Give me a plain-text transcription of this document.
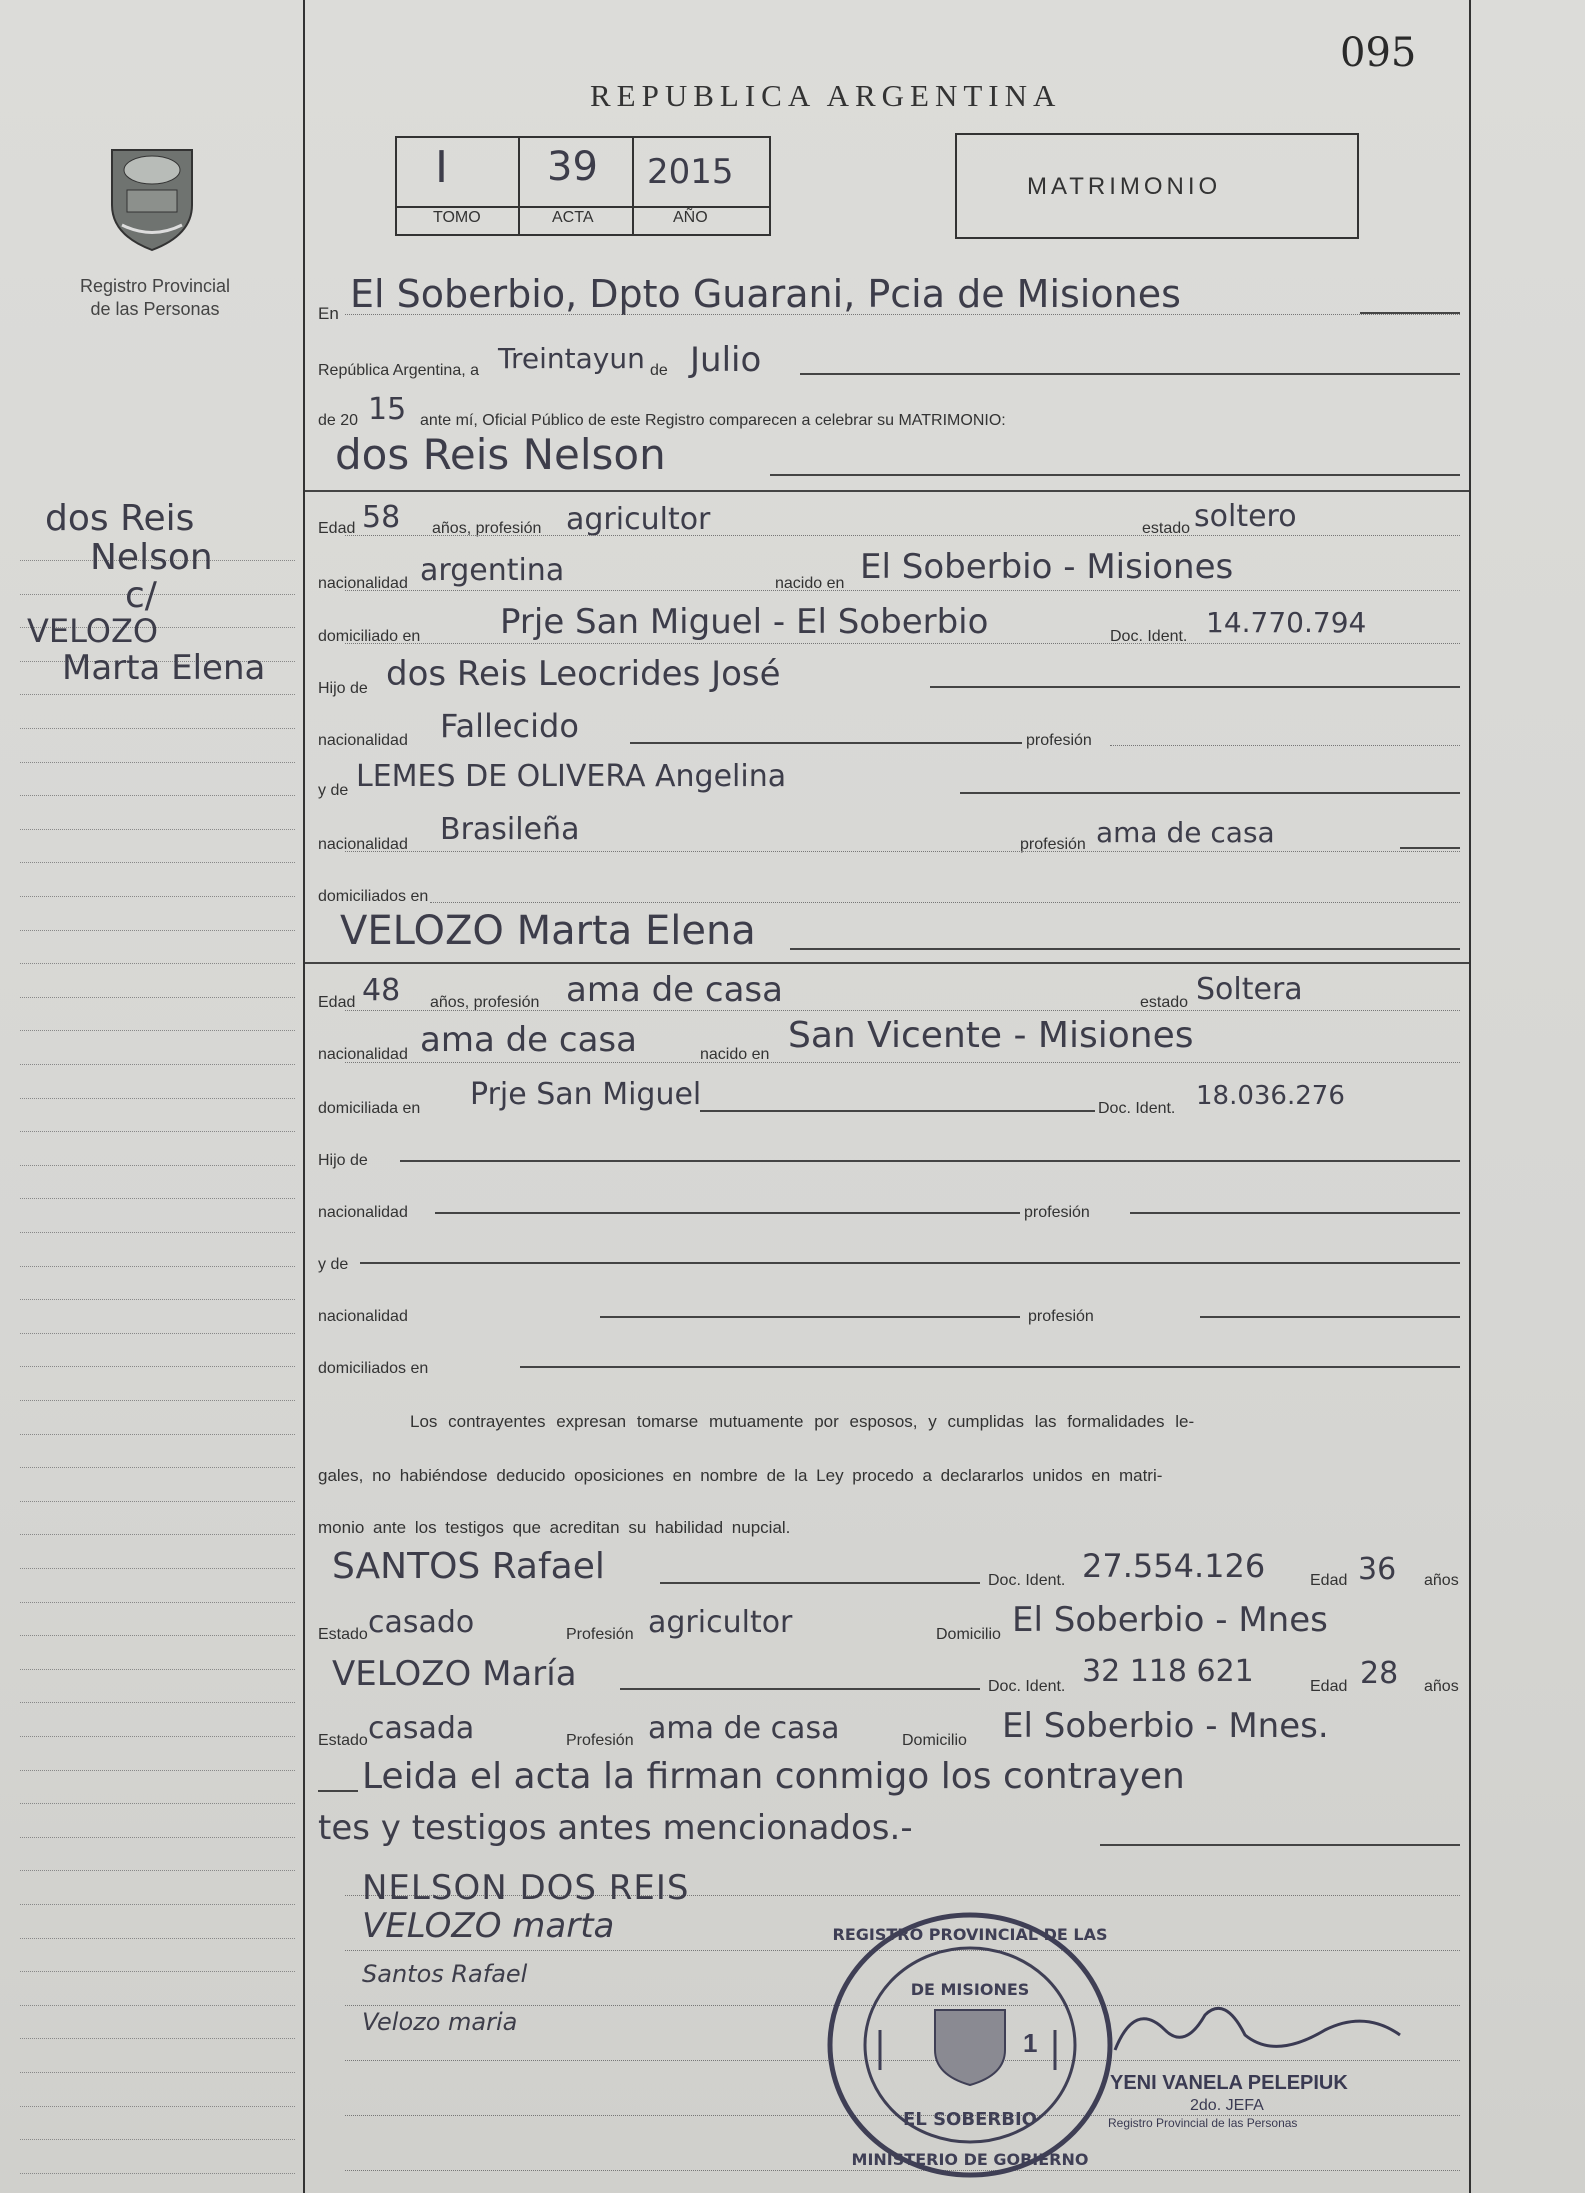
095
REPUBLICA ARGENTINA
Registro Provincial
de las Personas
I 39 2015
TOMO	ACTA	AÑO
MATRIMONIO
dos Reis
Nelson
c/
VELOZO
Marta Elena
En El Soberbio, Dpto Guarani, Pcia de Misiones
República Argentina, a Treintayun de Julio
de 20 15 ante mí, Oficial Público de este Registro comparecen a celebrar su MATRIMONIO:
dos Reis Nelson
Edad 58 años, profesión agricultor	estado soltero
nacionalidad argentina	nacido en El Soberbio - Misiones
domiciliado en Prje San Miguel - El Soberbio	Doc. Ident. 14.770.794
Hijo de dos Reis Leocrides José
nacionalidad Fallecido	profesión
y de LEMES DE OLIVERA Angelina
nacionalidad Brasileña	profesión ama de casa
domiciliados en
VELOZO Marta Elena
Edad 48 años, profesión ama de casa	estado Soltera
nacionalidad ama de casa	nacido en San Vicente - Misiones
domiciliada en Prje San Miguel	Doc. Ident. 18.036.276
Hijo de
nacionalidad	profesión
y de
nacionalidad	profesión
domiciliados en
Los contrayentes expresan tomarse mutuamente por esposos, y cumplidas las formalidades le-
gales, no habiéndose deducido oposiciones en nombre de la Ley procedo a declararlos unidos en matri-
monio ante los testigos que acreditan su habilidad nupcial.
SANTOS Rafael	Doc. Ident. 27.554.126	Edad 36 años
Estado casado	Profesión agricultor	Domicilio El Soberbio - Mnes
VELOZO María	Doc. Ident. 32 118 621	Edad 28 años
Estado casada	Profesión ama de casa	Domicilio El Soberbio - Mnes.
Leida el acta la firman conmigo los contrayen
tes y testigos antes mencionados.-
NELSON DOS REIS
VELOZO marta
Santos Rafael
Velozo maria
DE MISIONES
EL SOBERBIO
MINISTERIO DE GOBIERNO
REGISTRO PROVINCIAL DE LAS
1
YENI VANELA PELEPIUK
2do. JEFA
Registro Provincial de las Personas
